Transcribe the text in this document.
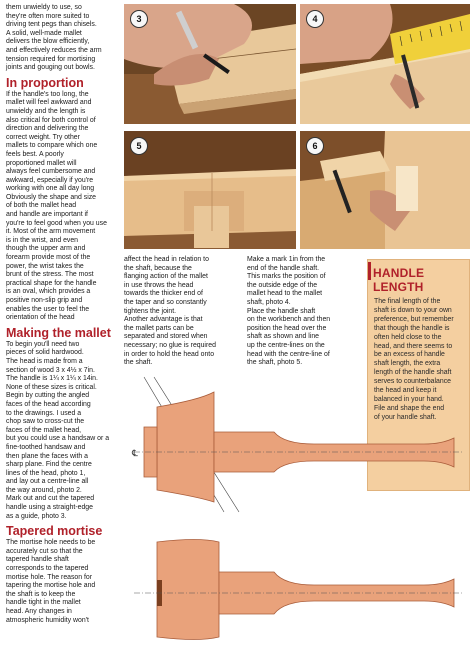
them unwieldy to use, so

they're often more suited to

driving tent pegs than chisels.

A solid, well-made mallet

delivers the blow efficiently,

and effectively reduces the arm

tension required for mortising

joints and gouging out bowls.

In proportion

If the handle's too long, the

mallet will feel awkward and

unwieldy and the length is

also critical for both control of

direction and delivering the

correct weight. Try other

mallets to compare which one

feels best. A poorly

proportioned mallet will

always feel cumbersome and

awkward, especially if you're

working with one all day long

Obviously the shape and size

of both the mallet head

and handle are important if

you're to feel good when you use

it. Most of the arm movement

is in the wrist, and even

though the upper arm and

forearm provide most of the

power, the wrist takes the

brunt of the stress. The most

practical shape for the handle

is an oval, which provides a

positive non-slip grip and

enables the user to feel the

orientation of the head

Making the mallet

To begin you'll need two

pieces of solid hardwood.

The head is made from a

section of wood 3 x 4½ x 7in.

The handle is 1¼ x 1¼ x 14in.

None of these sizes is critical.

Begin by cutting the angled

faces of the head according

to the drawings. I used a

chop saw to cross-cut the

faces of the mallet head,

but you could use a handsaw or a

fine-toothed handsaw and

then plane the faces with a

sharp plane. Find the centre

lines of the head, photo 1,

and lay out a centre-line all

the way around, photo 2.

Mark out and cut the tapered

handle using a straight-edge

as a guide, photo 3.

Tapered mortise

The mortise hole needs to be

accurately cut so that the

tapered handle shaft

corresponds to the tapered

mortise hole. The reason for

tapering the mortise hole and

the shaft is to keep the

handle tight in the mallet

head. Any changes in

atmospheric humidity won't

3	4
5	6

affect the head in relation to

the shaft, because the

flanging action of the mallet

in use throws the head

towards the thicker end of

the taper and so constantly

tightens the joint.

Another advantage is that

the mallet parts can be

separated and stored when

necessary; no glue is required

in order to hold the head onto

the shaft.

Make a mark 1in from the

end of the handle shaft.

This marks the position of

the outside edge of the

mallet head to the mallet

shaft, photo 4.

Place the handle shaft

on the workbench and then

position the head over the

shaft as shown and line

up the centre-lines on the

head with the centre-line of

the shaft, photo 5.

HANDLE LENGTH

The final length of the

shaft is down to your own

preference, but remember

that though the handle is

often held close to the

head, and there seems to

be an excess of handle

shaft length, the extra

length of the handle shaft

serves to counterbalance

the head and keep it

balanced in your hand.

File and shape the end

of your handle shaft.

℄
